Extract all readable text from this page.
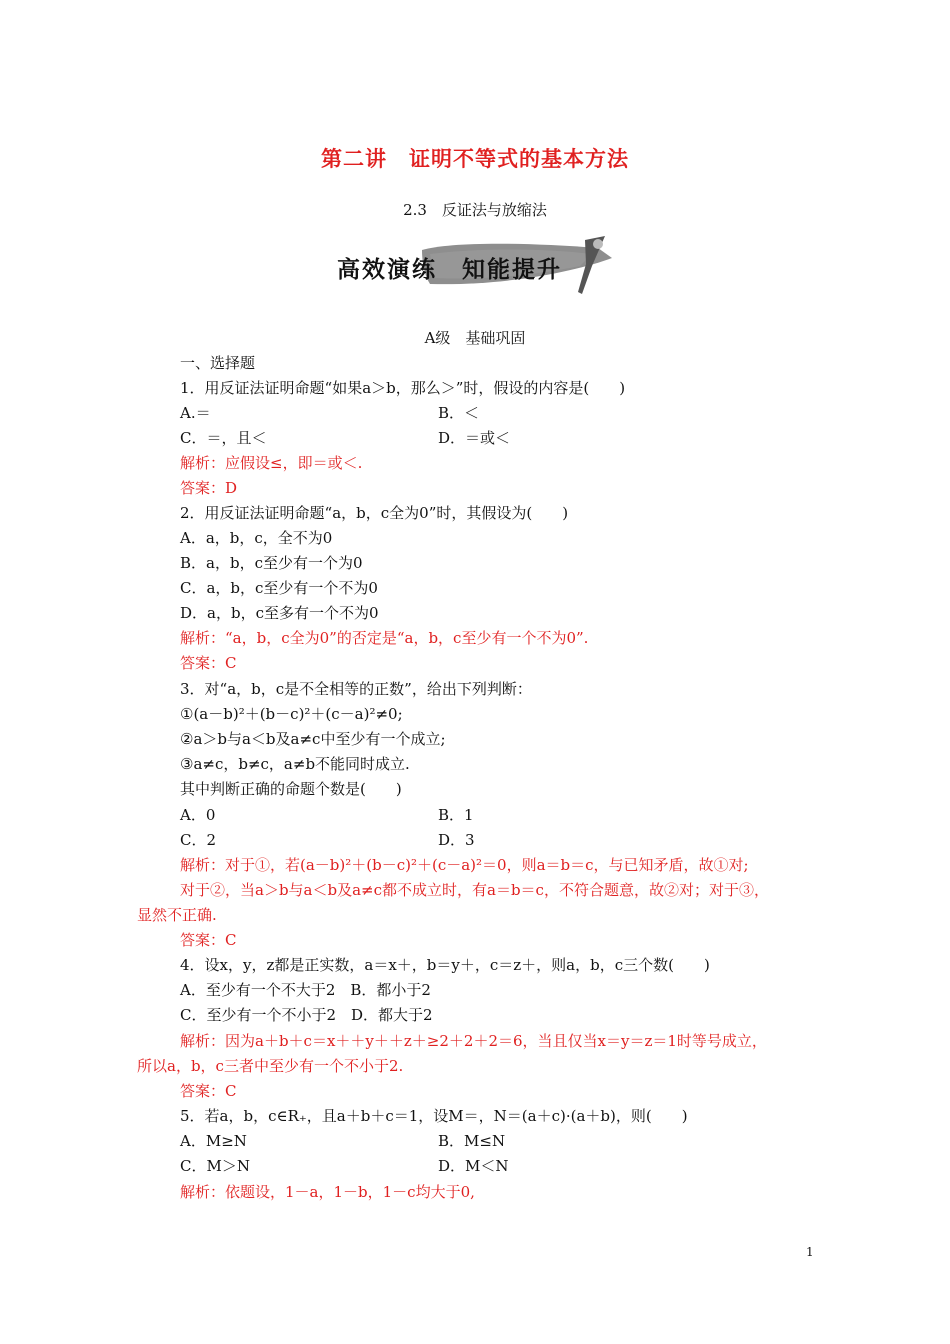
第二讲　证明不等式的基本方法
2.3　反证法与放缩法
高效演练　知能提升
A级　基础巩固
一、选择题
1．用反证法证明命题“如果a＞b，那么＞”时，假设的内容是(　　)
A.＝	B．＜
C．＝，且＜	D．＝或＜
解析：应假设≤，即＝或＜.
答案：D
2．用反证法证明命题“a，b，c全为0”时，其假设为(　　)
A．a，b，c，全不为0
B．a，b，c至少有一个为0
C．a，b，c至少有一个不为0
D．a，b，c至多有一个不为0
解析：“a，b，c全为0”的否定是“a，b，c至少有一个不为0”.
答案：C
3．对“a，b，c是不全相等的正数”，给出下列判断：
①(a－b)²＋(b－c)²＋(c－a)²≠0;
②a＞b与a＜b及a≠c中至少有一个成立;
③a≠c，b≠c，a≠b不能同时成立.
其中判断正确的命题个数是(　　)
A．0	B．1
C．2	D．3
解析：对于①，若(a－b)²＋(b－c)²＋(c－a)²＝0，则a＝b＝c，与已知矛盾，故①对;
对于②，当a＞b与a＜b及a≠c都不成立时，有a＝b＝c，不符合题意，故②对；对于③，
显然不正确.
答案：C
4．设x，y，z都是正实数，a＝x＋，b＝y＋，c＝z＋，则a，b，c三个数(　　)
A．至少有一个不大于2　B．都小于2
C．至少有一个不小于2　D．都大于2
解析：因为a＋b＋c＝x＋＋y＋＋z＋≥2＋2＋2＝6，当且仅当x＝y＝z＝1时等号成立，
所以a，b，c三者中至少有一个不小于2.
答案：C
5．若a，b，c∈R₊，且a＋b＋c＝1，设M＝，N＝(a＋c)·(a＋b)，则(　　)
A．M≥N	B．M≤N
C．M＞N	D．M＜N
解析：依题设，1－a，1－b，1－c均大于0,
1
